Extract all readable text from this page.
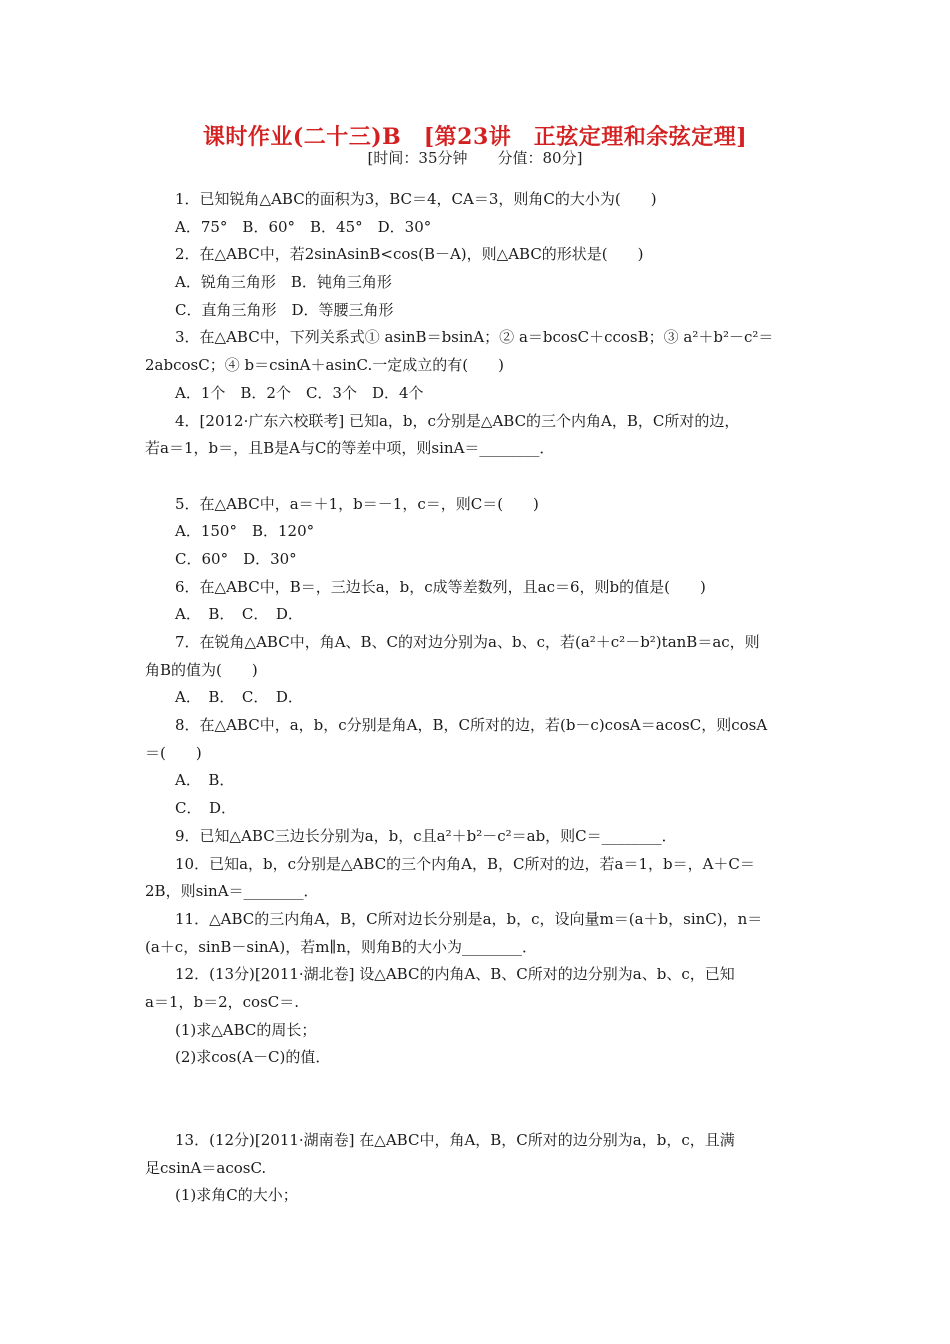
课时作业(二十三)B　[第23讲　正弦定理和余弦定理]
[时间：35分钟　　分值：80分]
1．已知锐角△ABC的面积为3，BC＝4，CA＝3，则角C的大小为(　　)
A．75°　B．60°　B．45°　D．30°
2．在△ABC中，若2sinAsinB<cos(B－A)，则△ABC的形状是(　　)
A．锐角三角形　B．钝角三角形
C．直角三角形　D．等腰三角形
3．在△ABC中，下列关系式① asinB＝bsinA；② a＝bcosC＋ccosB；③ a²＋b²－c²＝
2abcosC；④ b＝csinA＋asinC.一定成立的有(　　)
A．1个　B．2个　C．3个　D．4个
4．[2012·广东六校联考] 已知a，b，c分别是△ABC的三个内角A，B，C所对的边，
若a＝1，b＝，且B是A与C的等差中项，则sinA＝________．
5．在△ABC中，a＝＋1，b＝－1，c＝，则C＝(　　)
A．150°　B．120°
C．60°　D．30°
6．在△ABC中，B＝，三边长a，b，c成等差数列，且ac＝6，则b的值是(　　)
A．　B．　C．　D．
7．在锐角△ABC中，角A、B、C的对边分别为a、b、c，若(a²＋c²－b²)tanB＝ac，则
角B的值为(　　)
A．　B．　C．　D．
8．在△ABC中，a，b，c分别是角A，B，C所对的边，若(b－c)cosA＝acosC，则cosA
＝(　　)
A．　B．
C．　D．
9．已知△ABC三边长分别为a，b，c且a²＋b²－c²＝ab，则C＝________．
10．已知a，b，c分别是△ABC的三个内角A，B，C所对的边，若a＝1，b＝，A＋C＝
2B，则sinA＝________．
11．△ABC的三内角A，B，C所对边长分别是a，b，c，设向量m＝(a＋b，sinC)，n＝
(a＋c，sinB－sinA)，若m∥n，则角B的大小为________．
12．(13分)[2011·湖北卷] 设△ABC的内角A、B、C所对的边分别为a、b、c，已知
a＝1，b＝2，cosC＝.
(1)求△ABC的周长；
(2)求cos(A－C)的值．
13．(12分)[2011·湖南卷] 在△ABC中，角A，B，C所对的边分别为a，b，c，且满
足csinA＝acosC.
(1)求角C的大小；
